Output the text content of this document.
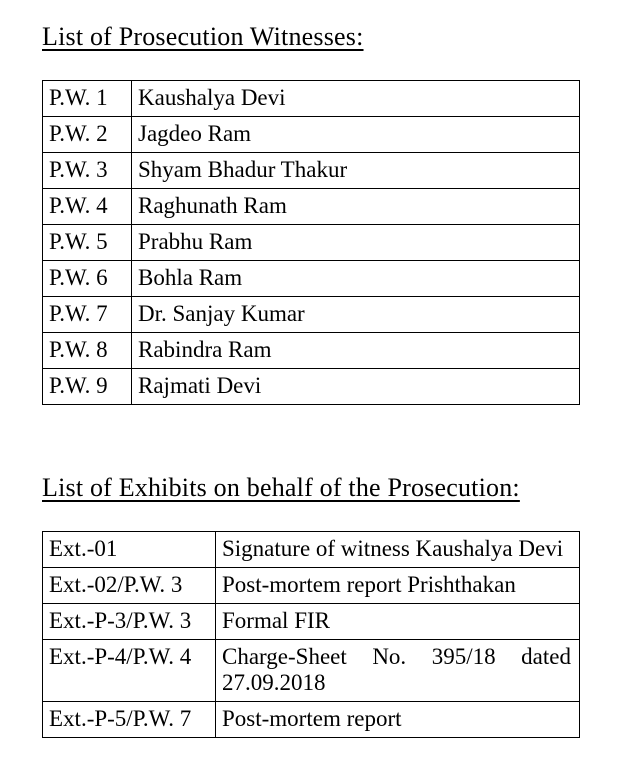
List of Prosecution Witnesses:
P.W. 1	Kaushalya Devi
P.W. 2	Jagdeo Ram
P.W. 3	Shyam Bhadur Thakur
P.W. 4	Raghunath Ram
P.W. 5	Prabhu Ram
P.W. 6	Bohla Ram
P.W. 7	Dr. Sanjay Kumar
P.W. 8	Rabindra Ram
P.W. 9	Rajmati Devi
List of Exhibits on behalf of the Prosecution:
Ext.-01	Signature of witness Kaushalya Devi
Ext.-02/P.W. 3	Post-mortem report Prishthakan
Ext.-P-3/P.W. 3	Formal FIR
Ext.-P-4/P.W. 4	Charge-Sheet No. 395/18 dated 27.09.2018
Ext.-P-5/P.W. 7	Post-mortem report
